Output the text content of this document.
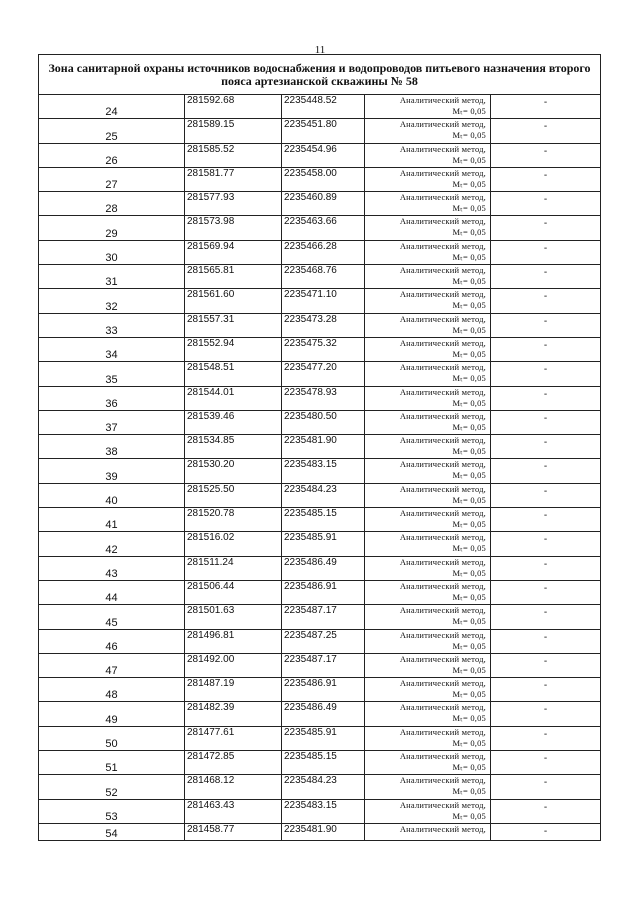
11
Зона санитарной охраны источников водоснабжения и водопроводов питьевого назначения второго пояса артезианской скважины № 58				

24	281592.68	2235448.52	Аналитический метод,
Mₜ= 0,05	-

25	281589.15	2235451.80	Аналитический метод,
Mₜ= 0,05	-

26	281585.52	2235454.96	Аналитический метод,
Mₜ= 0,05	-

27	281581.77	2235458.00	Аналитический метод,
Mₜ= 0,05	-

28	281577.93	2235460.89	Аналитический метод,
Mₜ= 0,05	-

29	281573.98	2235463.66	Аналитический метод,
Mₜ= 0,05	-

30	281569.94	2235466.28	Аналитический метод,
Mₜ= 0,05	-

31	281565.81	2235468.76	Аналитический метод,
Mₜ= 0,05	-

32	281561.60	2235471.10	Аналитический метод,
Mₜ= 0,05	-

33	281557.31	2235473.28	Аналитический метод,
Mₜ= 0,05	-

34	281552.94	2235475.32	Аналитический метод,
Mₜ= 0,05	-

35	281548.51	2235477.20	Аналитический метод,
Mₜ= 0,05	-

36	281544.01	2235478.93	Аналитический метод,
Mₜ= 0,05	-

37	281539.46	2235480.50	Аналитический метод,
Mₜ= 0,05	-

38	281534.85	2235481.90	Аналитический метод,
Mₜ= 0,05	-

39	281530.20	2235483.15	Аналитический метод,
Mₜ= 0,05	-

40	281525.50	2235484.23	Аналитический метод,
Mₜ= 0,05	-

41	281520.78	2235485.15	Аналитический метод,
Mₜ= 0,05	-

42	281516.02	2235485.91	Аналитический метод,
Mₜ= 0,05	-

43	281511.24	2235486.49	Аналитический метод,
Mₜ= 0,05	-

44	281506.44	2235486.91	Аналитический метод,
Mₜ= 0,05	-

45	281501.63	2235487.17	Аналитический метод,
Mₜ= 0,05	-

46	281496.81	2235487.25	Аналитический метод,
Mₜ= 0,05	-

47	281492.00	2235487.17	Аналитический метод,
Mₜ= 0,05	-

48	281487.19	2235486.91	Аналитический метод,
Mₜ= 0,05	-

49	281482.39	2235486.49	Аналитический метод,
Mₜ= 0,05	-

50	281477.61	2235485.91	Аналитический метод,
Mₜ= 0,05	-

51	281472.85	2235485.15	Аналитический метод,
Mₜ= 0,05	-

52	281468.12	2235484.23	Аналитический метод,
Mₜ= 0,05	-

53	281463.43	2235483.15	Аналитический метод,
Mₜ= 0,05	-

54	281458.77	2235481.90	Аналитический метод,	-
